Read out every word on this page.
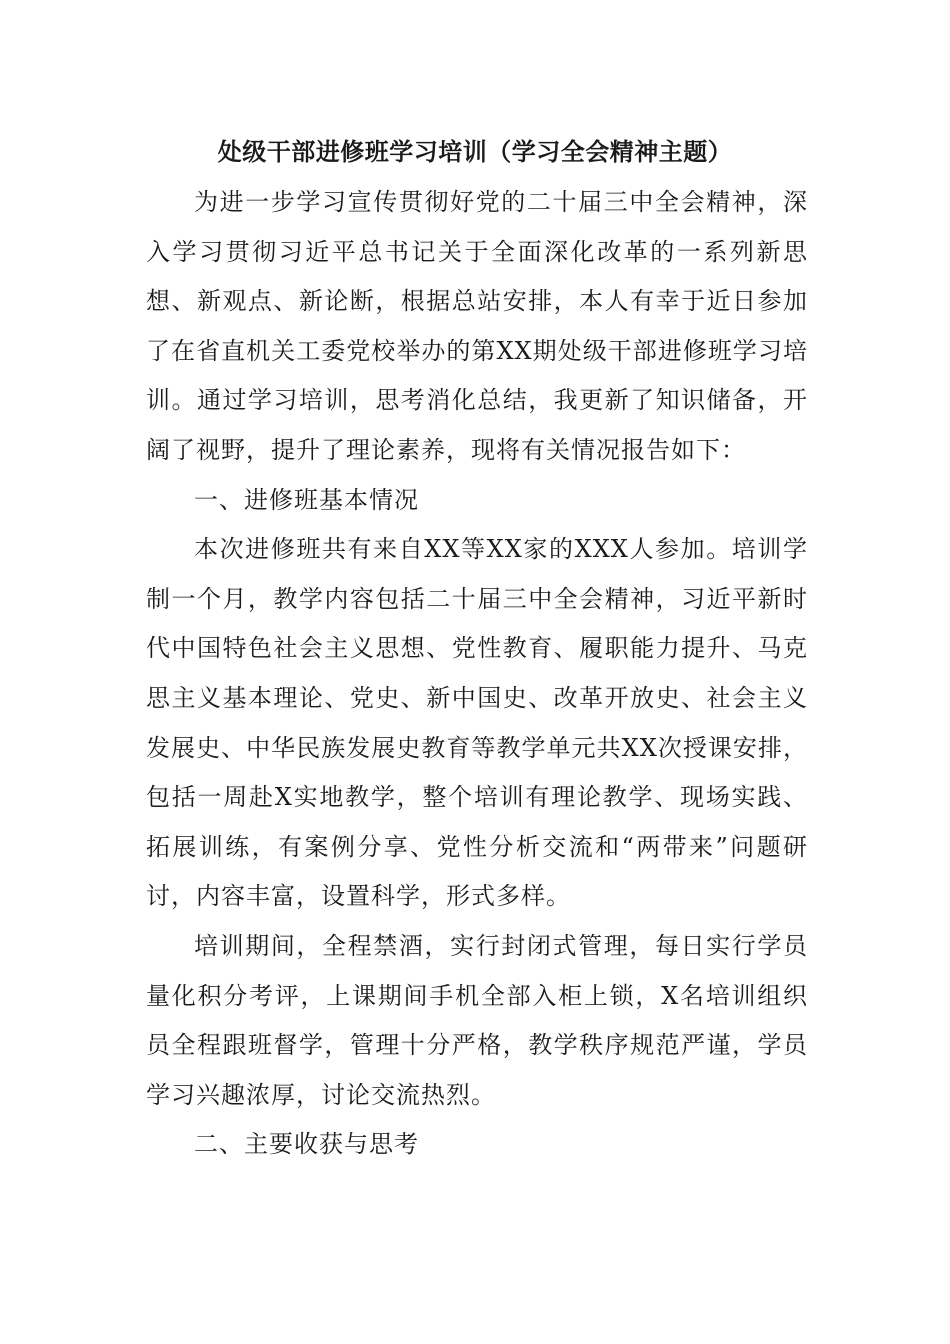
处级干部进修班学习培训（学习全会精神主题）

为进一步学习宣传贯彻好党的二十届三中全会精神，深入学习贯彻习近平总书记关于全面深化改革的一系列新思想、新观点、新论断，根据总站安排，本人有幸于近日参加了在省直机关工委党校举办的第XX期处级干部进修班学习培训。通过学习培训，思考消化总结，我更新了知识储备，开阔了视野，提升了理论素养，现将有关情况报告如下：

一、进修班基本情况

本次进修班共有来自XX等XX家的XXX人参加。培训学制一个月，教学内容包括二十届三中全会精神，习近平新时代中国特色社会主义思想、党性教育、履职能力提升、马克思主义基本理论、党史、新中国史、改革开放史、社会主义发展史、中华民族发展史教育等教学单元共XX次授课安排，包括一周赴X实地教学，整个培训有理论教学、现场实践、拓展训练，有案例分享、党性分析交流和“两带来”问题研讨，内容丰富，设置科学，形式多样。

培训期间，全程禁酒，实行封闭式管理，每日实行学员量化积分考评，上课期间手机全部入柜上锁，X名培训组织员全程跟班督学，管理十分严格，教学秩序规范严谨，学员学习兴趣浓厚，讨论交流热烈。

二、主要收获与思考
